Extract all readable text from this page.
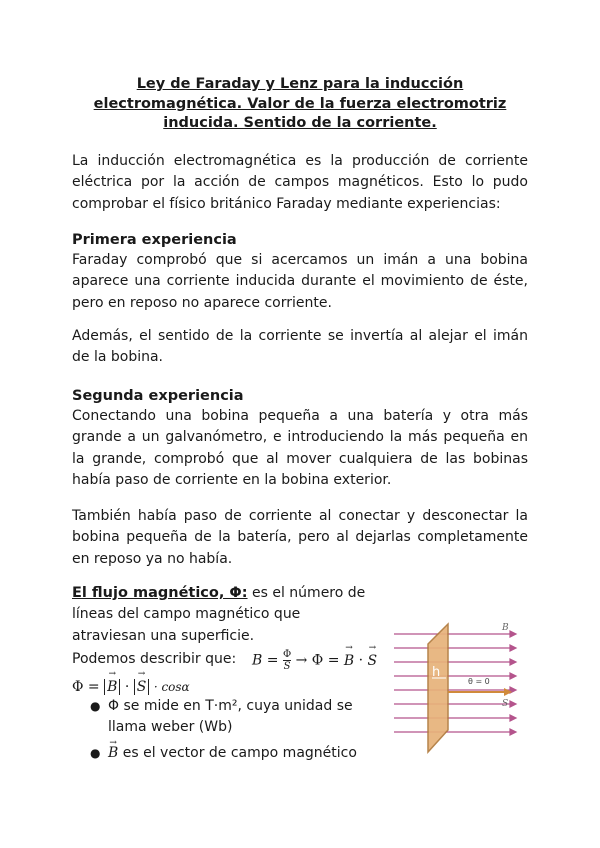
Ley de Faraday y Lenz para la inducción
electromagnética. Valor de la fuerza electromotriz
inducida. Sentido de la corriente.
La inducción electromagnética es la producción de corriente eléctrica por la acción de campos magnéticos. Esto lo pudo comprobar el físico británico Faraday mediante experiencias:
Primera experiencia
Faraday comprobó que si acercamos un imán a una bobina aparece una corriente inducida durante el movimiento de éste, pero en reposo no aparece corriente.
Además, el sentido de la corriente se invertía al alejar el imán de la bobina.
Segunda experiencia
Conectando una bobina pequeña a una batería y otra más grande a un galvanómetro, e introduciendo la más pequeña en la grande, comprobó que al mover cualquiera de las bobinas había paso de corriente en la bobina exterior.
También había paso de corriente al conectar y desconectar la bobina pequeña de la batería, pero al dejarlas completamente en reposo ya no había.
El flujo magnético, Φ: es el número de líneas del campo magnético que atraviesan una superficie.
Podemos describir que:	$B = \frac{\Phi}{S} \to \Phi$ = → B · → S
Φ = → B · → S · cosα
● Φ se mide en T·m², cuya unidad se llama weber (Wb)
● → B es el vector de campo magnético
h
θ = 0
B
S
